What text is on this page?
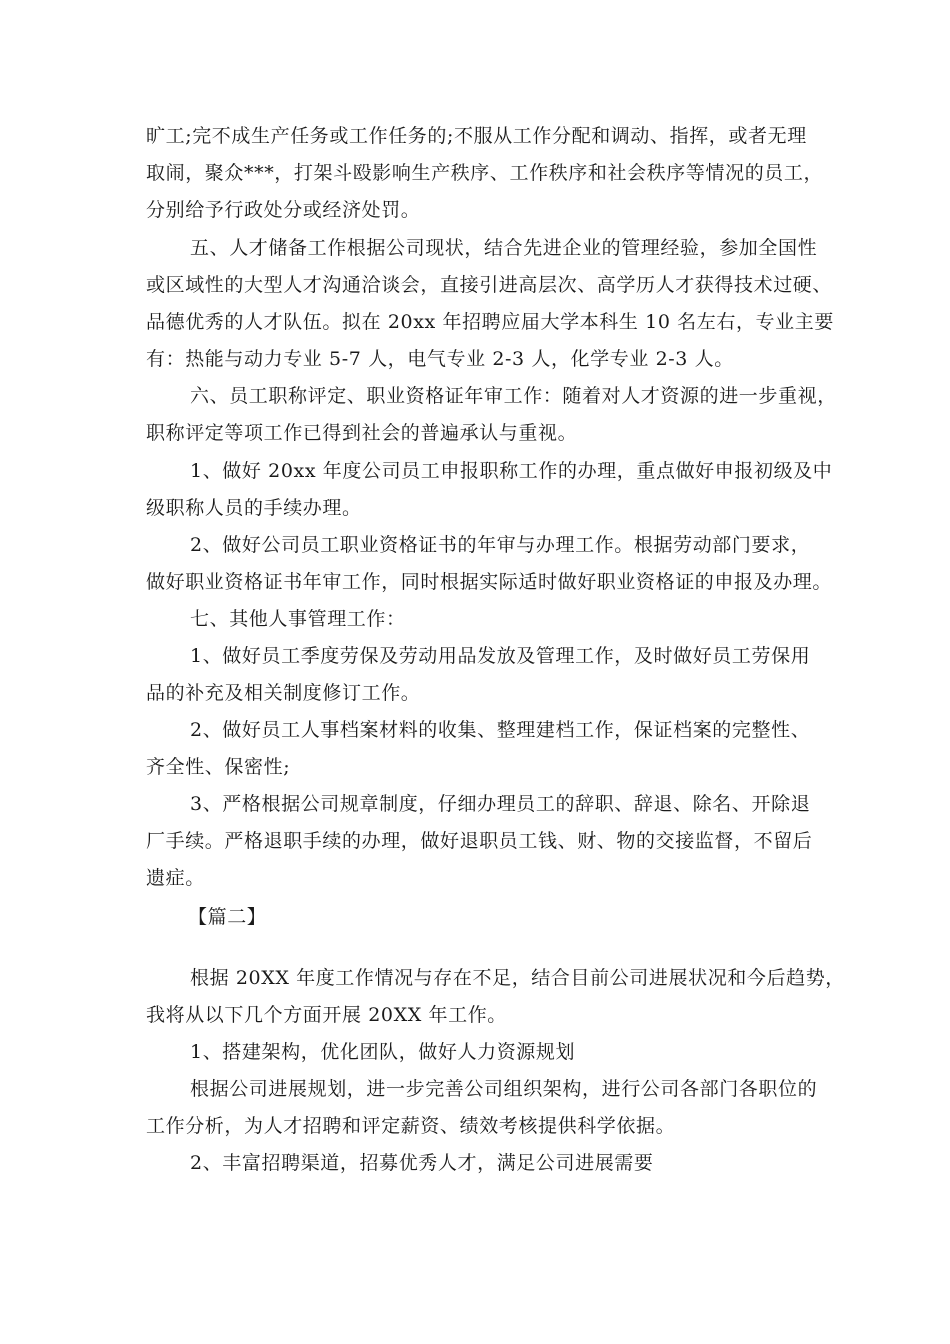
旷工;完不成生产任务或工作任务的;不服从工作分配和调动、指挥，或者无理
取闹，聚众***，打架斗殴影响生产秩序、工作秩序和社会秩序等情况的员工，
分别给予行政处分或经济处罚。
五、人才储备工作根据公司现状，结合先进企业的管理经验，参加全国性
或区域性的大型人才沟通洽谈会，直接引进高层次、高学历人才获得技术过硬、
品德优秀的人才队伍。拟在 20xx 年招聘应届大学本科生 10 名左右，专业主要
有：热能与动力专业 5-7 人，电气专业 2-3 人，化学专业 2-3 人。
六、员工职称评定、职业资格证年审工作：随着对人才资源的进一步重视，
职称评定等项工作已得到社会的普遍承认与重视。
1、做好 20xx 年度公司员工申报职称工作的办理，重点做好申报初级及中
级职称人员的手续办理。
2、做好公司员工职业资格证书的年审与办理工作。根据劳动部门要求，
做好职业资格证书年审工作，同时根据实际适时做好职业资格证的申报及办理。
七、其他人事管理工作：
1、做好员工季度劳保及劳动用品发放及管理工作，及时做好员工劳保用
品的补充及相关制度修订工作。
2、做好员工人事档案材料的收集、整理建档工作，保证档案的完整性、
齐全性、保密性;
3、严格根据公司规章制度，仔细办理员工的辞职、辞退、除名、开除退
厂手续。严格退职手续的办理，做好退职员工钱、财、物的交接监督，不留后
遗症。
【篇二】
根据 20XX 年度工作情况与存在不足，结合目前公司进展状况和今后趋势，
我将从以下几个方面开展 20XX 年工作。
1、搭建架构，优化团队，做好人力资源规划
根据公司进展规划，进一步完善公司组织架构，进行公司各部门各职位的
工作分析，为人才招聘和评定薪资、绩效考核提供科学依据。
2、丰富招聘渠道，招募优秀人才，满足公司进展需要
